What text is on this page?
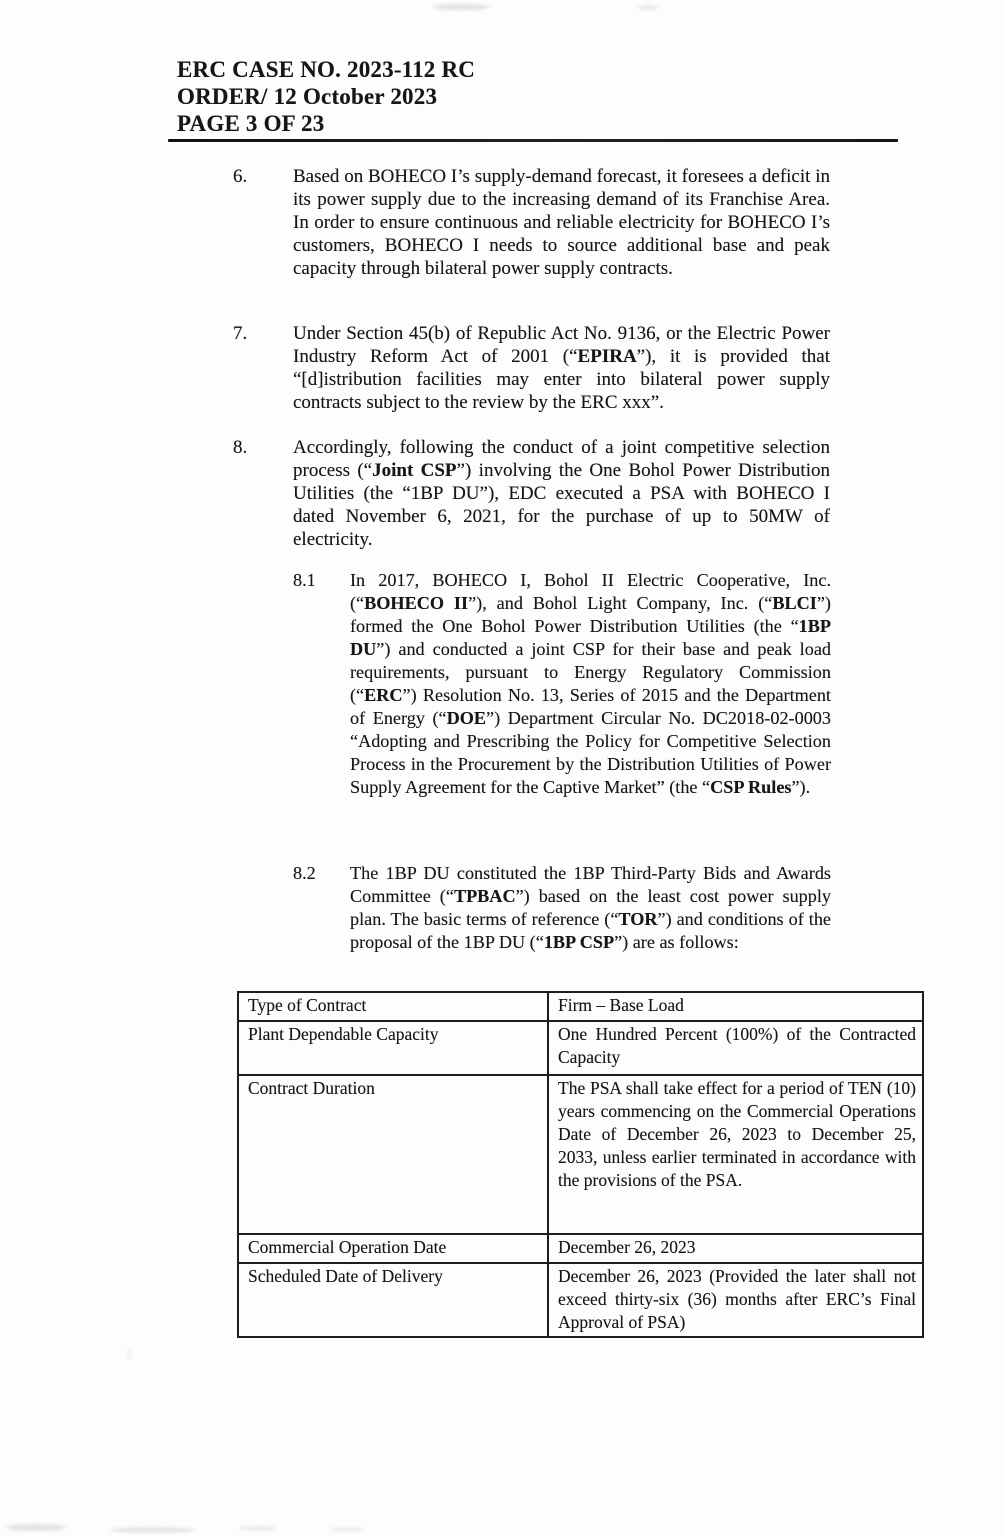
ERC CASE NO. 2023-112 RC
ORDER/ 12 October 2023
PAGE 3 OF 23
6.	Based on BOHECO I’s supply-demand forecast, it foresees a deficit in its power supply due to the increasing demand of its Franchise Area. In order to ensure continuous and reliable electricity for BOHECO I’s customers, BOHECO I needs to source additional base and peak capacity through bilateral power supply contracts.
7.	Under Section 45(b) of Republic Act No. 9136, or the Electric Power Industry Reform Act of 2001 (“EPIRA”), it is provided that “[d]istribution facilities may enter into bilateral power supply contracts subject to the review by the ERC xxx”.
8.	Accordingly, following the conduct of a joint competitive selection process (“Joint CSP”) involving the One Bohol Power Distribution Utilities (the “1BP DU”), EDC executed a PSA with BOHECO I dated November 6, 2021, for the purchase of up to 50MW of electricity.
8.1	In 2017, BOHECO I, Bohol II Electric Cooperative, Inc. (“BOHECO II”), and Bohol Light Company, Inc. (“BLCI”) formed the One Bohol Power Distribution Utilities (the “1BP DU”) and conducted a joint CSP for their base and peak load requirements, pursuant to Energy Regulatory Commission (“ERC”) Resolution No. 13, Series of 2015 and the Department of Energy (“DOE”) Department Circular No. DC2018-02-0003 “Adopting and Prescribing the Policy for Competitive Selection Process in the Procurement by the Distribution Utilities of Power Supply Agreement for the Captive Market” (the “CSP Rules”).
8.2	The 1BP DU constituted the 1BP Third-Party Bids and Awards Committee (“TPBAC”) based on the least cost power supply plan. The basic terms of reference (“TOR”) and conditions of the proposal of the 1BP DU (“1BP CSP”) are as follows:
Type of Contract	Firm – Base Load
Plant Dependable Capacity	One Hundred Percent (100%) of the Contracted Capacity
Contract Duration	The PSA shall take effect for a period of TEN (10) years commencing on the Commercial Operations Date of December 26, 2023 to December 25, 2033, unless earlier terminated in accordance with the provisions of the PSA.
Commercial Operation Date	December 26, 2023
Scheduled Date of Delivery	December 26, 2023 (Provided the later shall not exceed thirty-six (36) months after ERC’s Final Approval of PSA)
